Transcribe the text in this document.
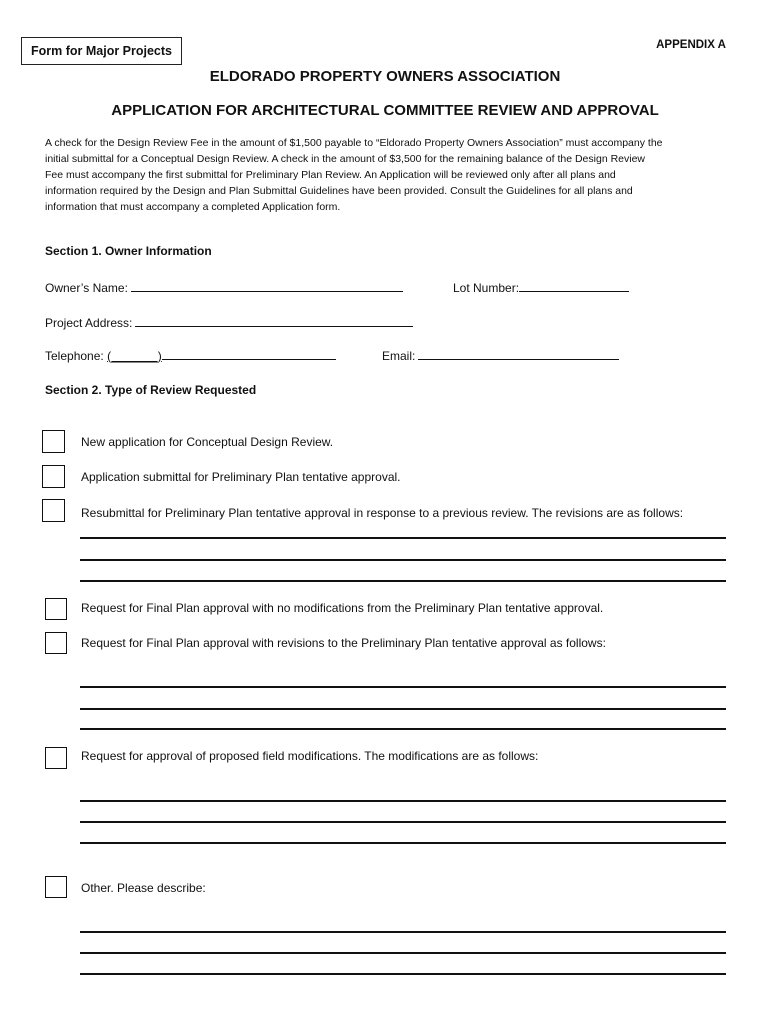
Form for Major Projects	APPENDIX A
ELDORADO PROPERTY OWNERS ASSOCIATION
APPLICATION FOR ARCHITECTURAL COMMITTEE REVIEW AND APPROVAL
A check for the Design Review Fee in the amount of $1,500 payable to “Eldorado Property Owners Association” must accompany the
initial submittal for a Conceptual Design Review. A check in the amount of $3,500 for the remaining balance of the Design Review
Fee must accompany the first submittal for Preliminary Plan Review. An Application will be reviewed only after all plans and
information required by the Design and Plan Submittal Guidelines have been provided. Consult the Guidelines for all plans and
information that must accompany a completed Application form.
Section 1. Owner Information
Owner’s Name:	Lot Number:
Project Address:
Telephone: (_______)	Email:
Section 2. Type of Review Requested
New application for Conceptual Design Review.
Application submittal for Preliminary Plan tentative approval.
Resubmittal for Preliminary Plan tentative approval in response to a previous review. The revisions are as follows:
Request for Final Plan approval with no modifications from the Preliminary Plan tentative approval.
Request for Final Plan approval with revisions to the Preliminary Plan tentative approval as follows:
Request for approval of proposed field modifications. The modifications are as follows:
Other. Please describe:
